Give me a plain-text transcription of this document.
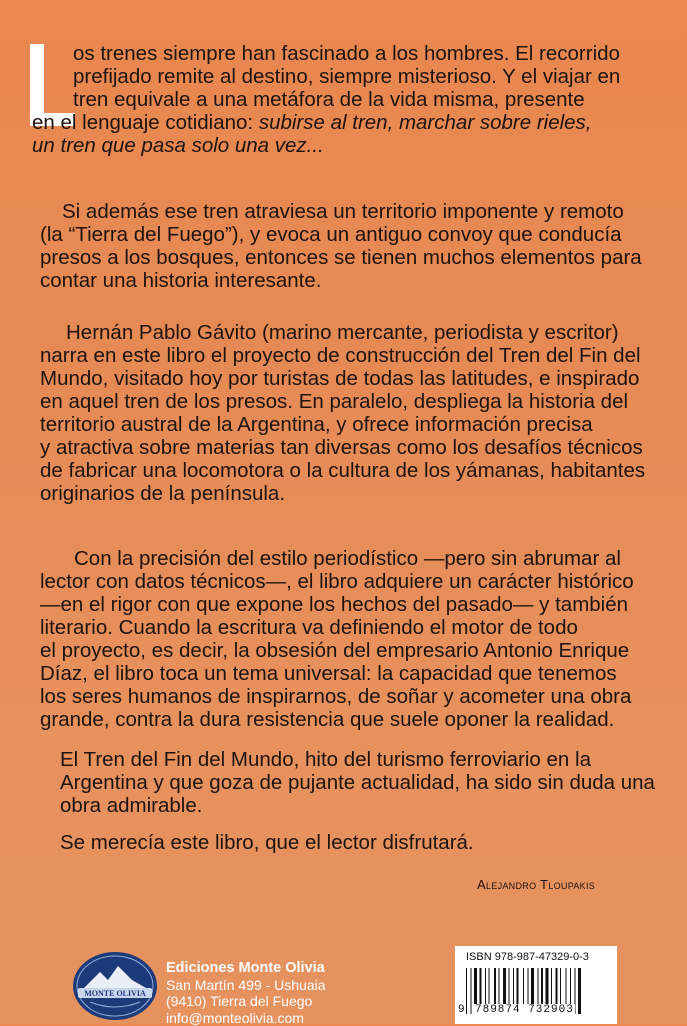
os trenes siempre han fascinado a los hombres. El recorrido
prefijado remite al destino, siempre misterioso. Y el viajar en
tren equivale a una metáfora de la vida misma, presente
en el lenguaje cotidiano: subirse al tren, marchar sobre rieles,
un tren que pasa solo una vez...
Si además ese tren atraviesa un territorio imponente y remoto
(la “Tierra del Fuego”), y evoca un antiguo convoy que conducía
presos a los bosques, entonces se tienen muchos elementos para
contar una historia interesante.
Hernán Pablo Gávito (marino mercante, periodista y escritor)
narra en este libro el proyecto de construcción del Tren del Fin del
Mundo, visitado hoy por turistas de todas las latitudes, e inspirado
en aquel tren de los presos. En paralelo, despliega la historia del
territorio austral de la Argentina, y ofrece información precisa
y atractiva sobre materias tan diversas como los desafíos técnicos
de fabricar una locomotora o la cultura de los yámanas, habitantes
originarios de la península.
Con la precisión del estilo periodístico —pero sin abrumar al
lector con datos técnicos—, el libro adquiere un carácter histórico
—en el rigor con que expone los hechos del pasado— y también
literario. Cuando la escritura va definiendo el motor de todo
el proyecto, es decir, la obsesión del empresario Antonio Enrique
Díaz, el libro toca un tema universal: la capacidad que tenemos
los seres humanos de inspirarnos, de soñar y acometer una obra
grande, contra la dura resistencia que suele oponer la realidad.
El Tren del Fin del Mundo, hito del turismo ferroviario en la
Argentina y que goza de pujante actualidad, ha sido sin duda una
obra admirable.
Se merecía este libro, que el lector disfrutará.
Alejandro Tloupakis
MONTE OLIVIA
Ediciones Monte Olivia
San Martín 499 - Ushuaia
(9410) Tierra del Fuego
info@monteolivia.com
ISBN 978-987-47329-0-3
9 789874 732903
